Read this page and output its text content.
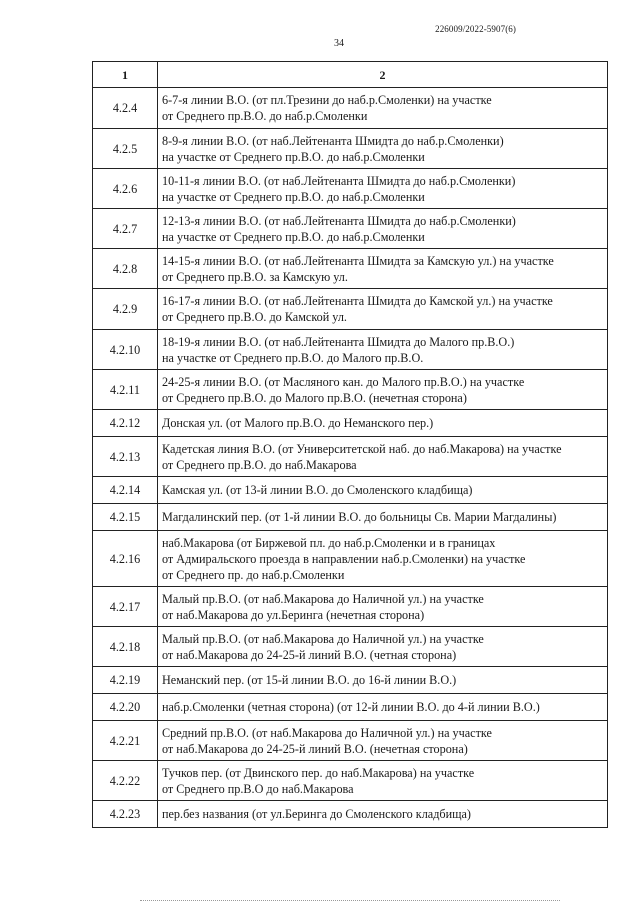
226009/2022-5907(6)
34
1	2
4.2.4	6-7-я линии В.О. (от пл.Трезини до наб.р.Смоленки) на участке
от Среднего пр.В.О. до наб.р.Смоленки

4.2.5	8-9-я линии В.О. (от наб.Лейтенанта Шмидта до наб.р.Смоленки)
на участке от Среднего пр.В.О. до наб.р.Смоленки

4.2.6	10-11-я линии В.О. (от наб.Лейтенанта Шмидта до наб.р.Смоленки)
на участке от Среднего пр.В.О. до наб.р.Смоленки

4.2.7	12-13-я линии В.О. (от наб.Лейтенанта Шмидта до наб.р.Смоленки)
на участке от Среднего пр.В.О. до наб.р.Смоленки

4.2.8	14-15-я линии В.О. (от наб.Лейтенанта Шмидта за Камскую ул.) на участке
от Среднего пр.В.О. за Камскую ул.

4.2.9	16-17-я линии В.О. (от наб.Лейтенанта Шмидта до Камской ул.) на участке
от Среднего пр.В.О. до Камской ул.

4.2.10	18-19-я линии В.О. (от наб.Лейтенанта Шмидта до Малого пр.В.О.)
на участке от Среднего пр.В.О. до Малого пр.В.О.

4.2.11	24-25-я линии В.О. (от Масляного кан. до Малого пр.В.О.) на участке
от Среднего пр.В.О. до Малого пр.В.О. (нечетная сторона)

4.2.12	Донская ул. (от Малого пр.В.О. до Неманского пер.)

4.2.13	Кадетская линия В.О. (от Университетской наб. до наб.Макарова) на участке
от Среднего пр.В.О. до наб.Макарова

4.2.14	Камская ул. (от 13-й линии В.О. до Смоленского кладбища)

4.2.15	Магдалинский пер. (от 1-й линии В.О. до больницы Св. Марии Магдалины)

4.2.16	наб.Макарова (от Биржевой пл. до наб.р.Смоленки и в границах
от Адмиральского проезда в направлении наб.р.Смоленки) на участке
от Среднего пр. до наб.р.Смоленки

4.2.17	Малый пр.В.О. (от наб.Макарова до Наличной ул.) на участке
от наб.Макарова до ул.Беринга (нечетная сторона)

4.2.18	Малый пр.В.О. (от наб.Макарова до Наличной ул.) на участке
от наб.Макарова до 24-25-й линий В.О. (четная сторона)

4.2.19	Неманский пер. (от 15-й линии В.О. до 16-й линии В.О.)

4.2.20	наб.р.Смоленки (четная сторона) (от 12-й линии В.О. до 4-й линии В.О.)

4.2.21	Средний пр.В.О. (от наб.Макарова до Наличной ул.) на участке
от наб.Макарова до 24-25-й линий В.О. (нечетная сторона)

4.2.22	Тучков пер. (от Двинского пер. до наб.Макарова) на участке
от Среднего пр.В.О до наб.Макарова

4.2.23	пер.без названия (от ул.Беринга до Смоленского кладбища)
